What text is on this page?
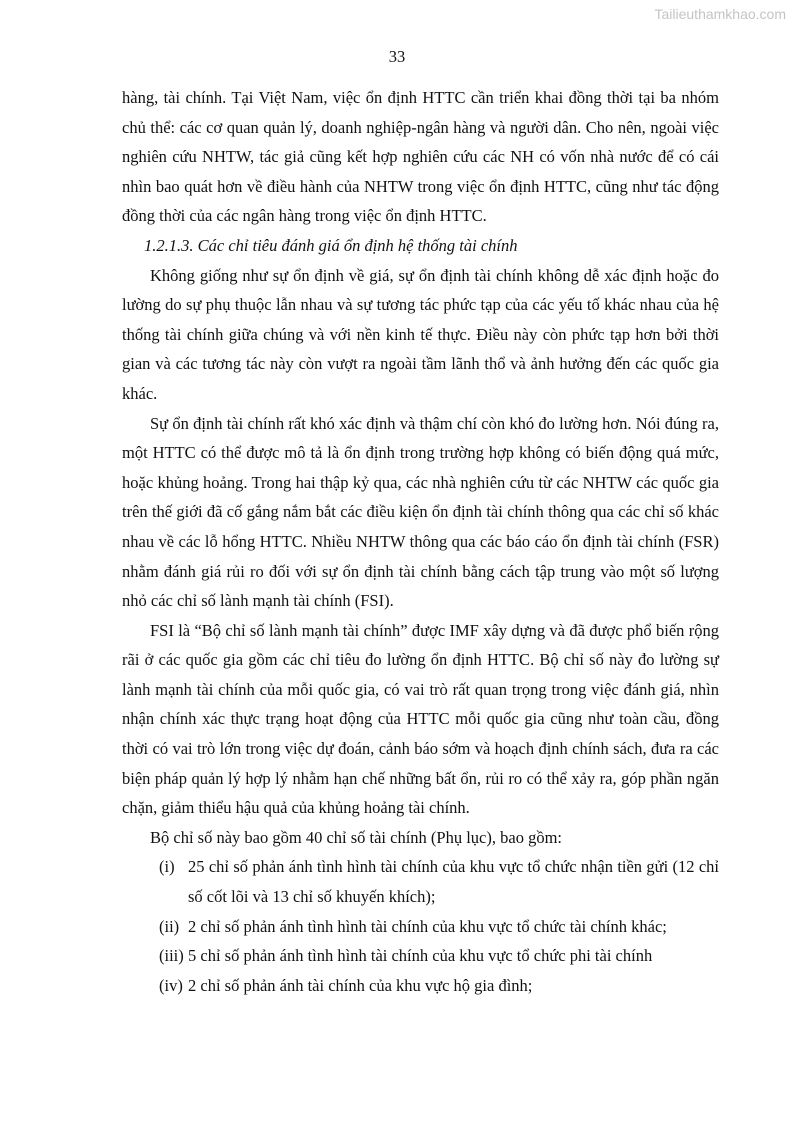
Tailieuthamkhao.com
33

hàng, tài chính. Tại Việt Nam, việc ổn định HTTC cần triển khai đồng thời tại ba nhóm chủ thể: các cơ quan quản lý, doanh nghiệp-ngân hàng và người dân. Cho nên, ngoài việc nghiên cứu NHTW, tác giả cũng kết hợp nghiên cứu các NH có vốn nhà nước để có cái nhìn bao quát hơn về điều hành của NHTW trong việc ổn định HTTC, cũng như tác động đồng thời của các ngân hàng trong việc ổn định HTTC.

1.2.1.3. Các chỉ tiêu đánh giá ổn định hệ thống tài chính

Không giống như sự ổn định về giá, sự ổn định tài chính không dễ xác định hoặc đo lường do sự phụ thuộc lẫn nhau và sự tương tác phức tạp của các yếu tố khác nhau của hệ thống tài chính giữa chúng và với nền kinh tế thực. Điều này còn phức tạp hơn bởi thời gian và các tương tác này còn vượt ra ngoài tầm lãnh thổ và ảnh hưởng đến các quốc gia khác.

Sự ổn định tài chính rất khó xác định và thậm chí còn khó đo lường hơn. Nói đúng ra, một HTTC có thể được mô tả là ổn định trong trường hợp không có biến động quá mức, hoặc khủng hoảng. Trong hai thập kỷ qua, các nhà nghiên cứu từ các NHTW các quốc gia trên thế giới đã cố gắng nắm bắt các điều kiện ổn định tài chính thông qua các chỉ số khác nhau về các lỗ hổng HTTC. Nhiều NHTW thông qua các báo cáo ổn định tài chính (FSR) nhằm đánh giá rủi ro đối với sự ổn định tài chính bằng cách tập trung vào một số lượng nhỏ các chỉ số lành mạnh tài chính (FSI).

FSI là “Bộ chỉ số lành mạnh tài chính” được IMF xây dựng và đã được phổ biến rộng rãi ở các quốc gia gồm các chỉ tiêu đo lường ổn định HTTC. Bộ chỉ số này đo lường sự lành mạnh tài chính của mỗi quốc gia, có vai trò rất quan trọng trong việc đánh giá, nhìn nhận chính xác thực trạng hoạt động của HTTC mỗi quốc gia cũng như toàn cầu, đồng thời có vai trò lớn trong việc dự đoán, cảnh báo sớm và hoạch định chính sách, đưa ra các biện pháp quản lý hợp lý nhằm hạn chế những bất ổn, rủi ro có thể xảy ra, góp phần ngăn chặn, giảm thiểu hậu quả của khủng hoảng tài chính.

Bộ chỉ số này bao gồm 40 chỉ số tài chính (Phụ lục), bao gồm:

(i) 25 chỉ số phản ánh tình hình tài chính của khu vực tổ chức nhận tiền gửi (12 chỉ số cốt lõi và 13 chỉ số khuyến khích);

(ii) 2 chỉ số phản ánh tình hình tài chính của khu vực tổ chức tài chính khác;

(iii) 5 chỉ số phản ánh tình hình tài chính của khu vực tổ chức phi tài chính

(iv) 2 chỉ số phản ánh tài chính của khu vực hộ gia đình;
